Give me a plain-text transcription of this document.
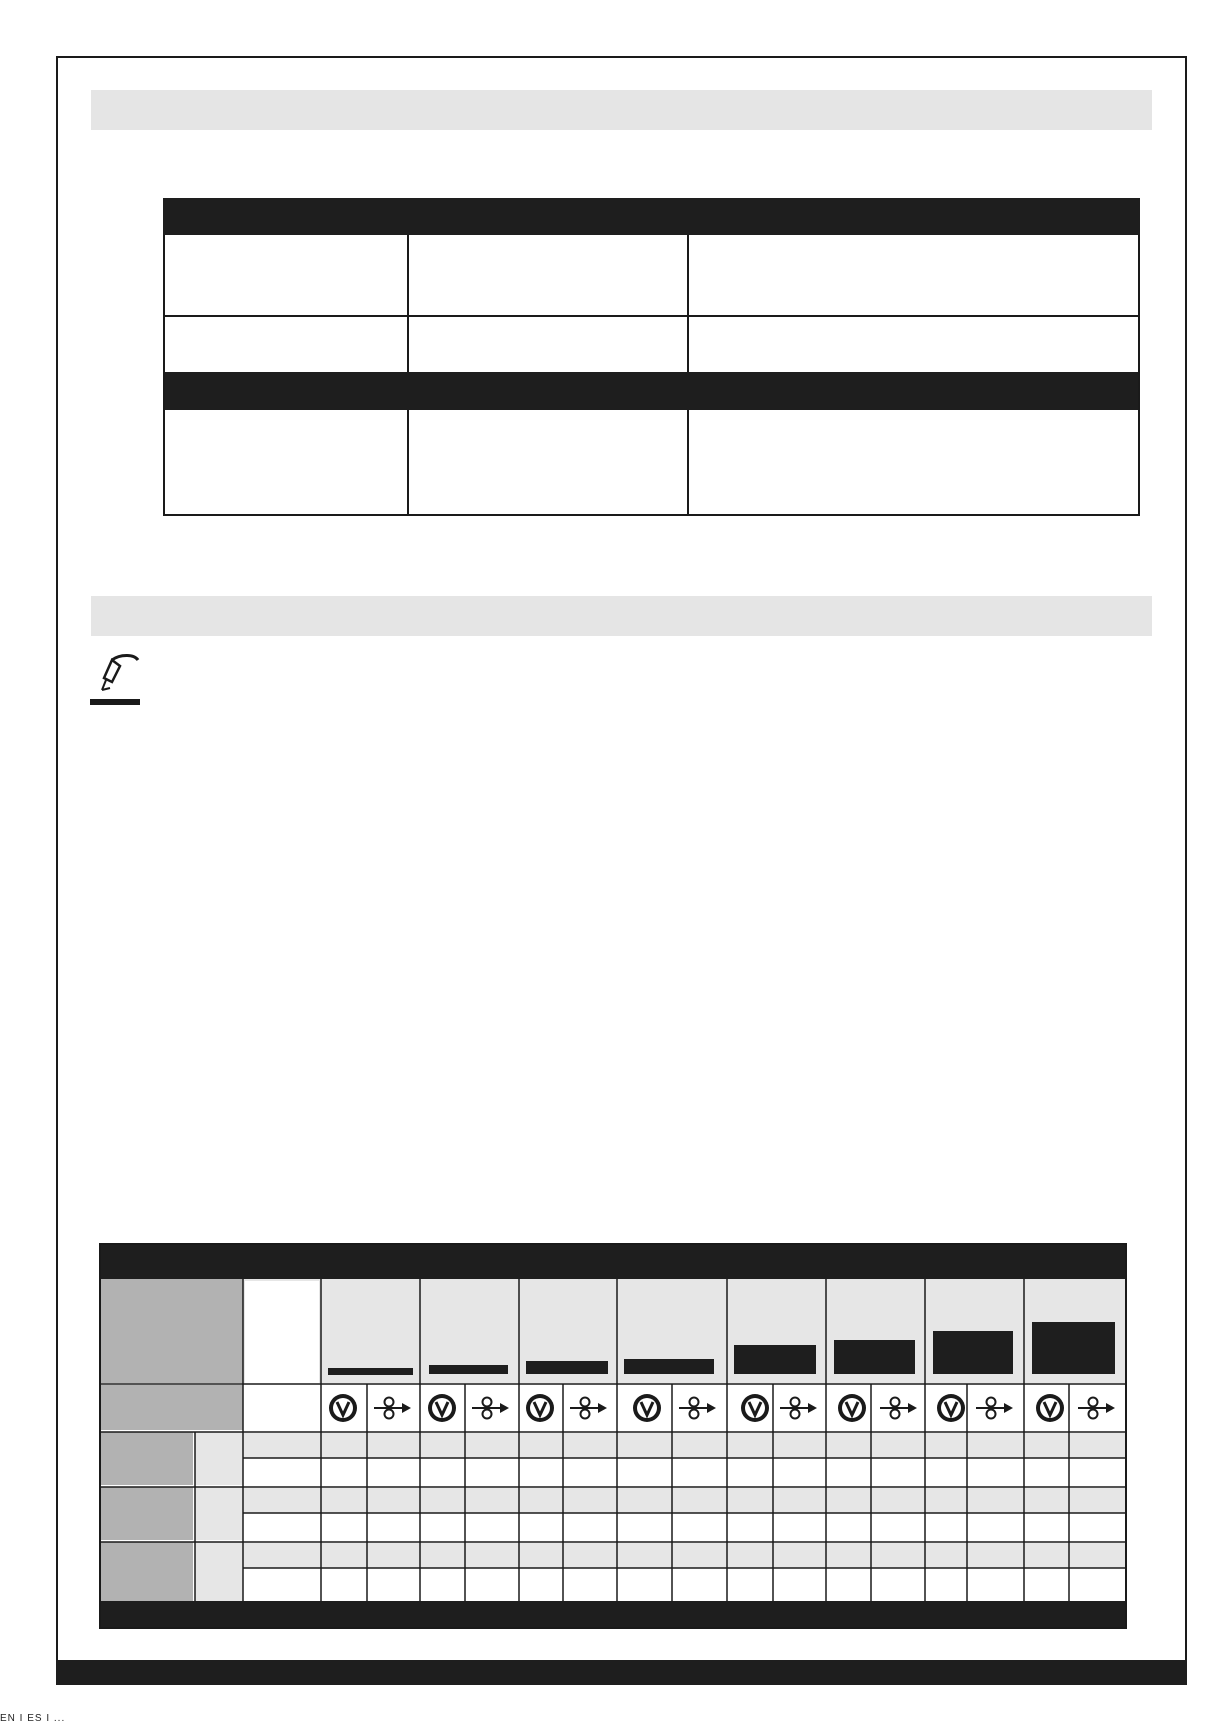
EN I ES I ...
